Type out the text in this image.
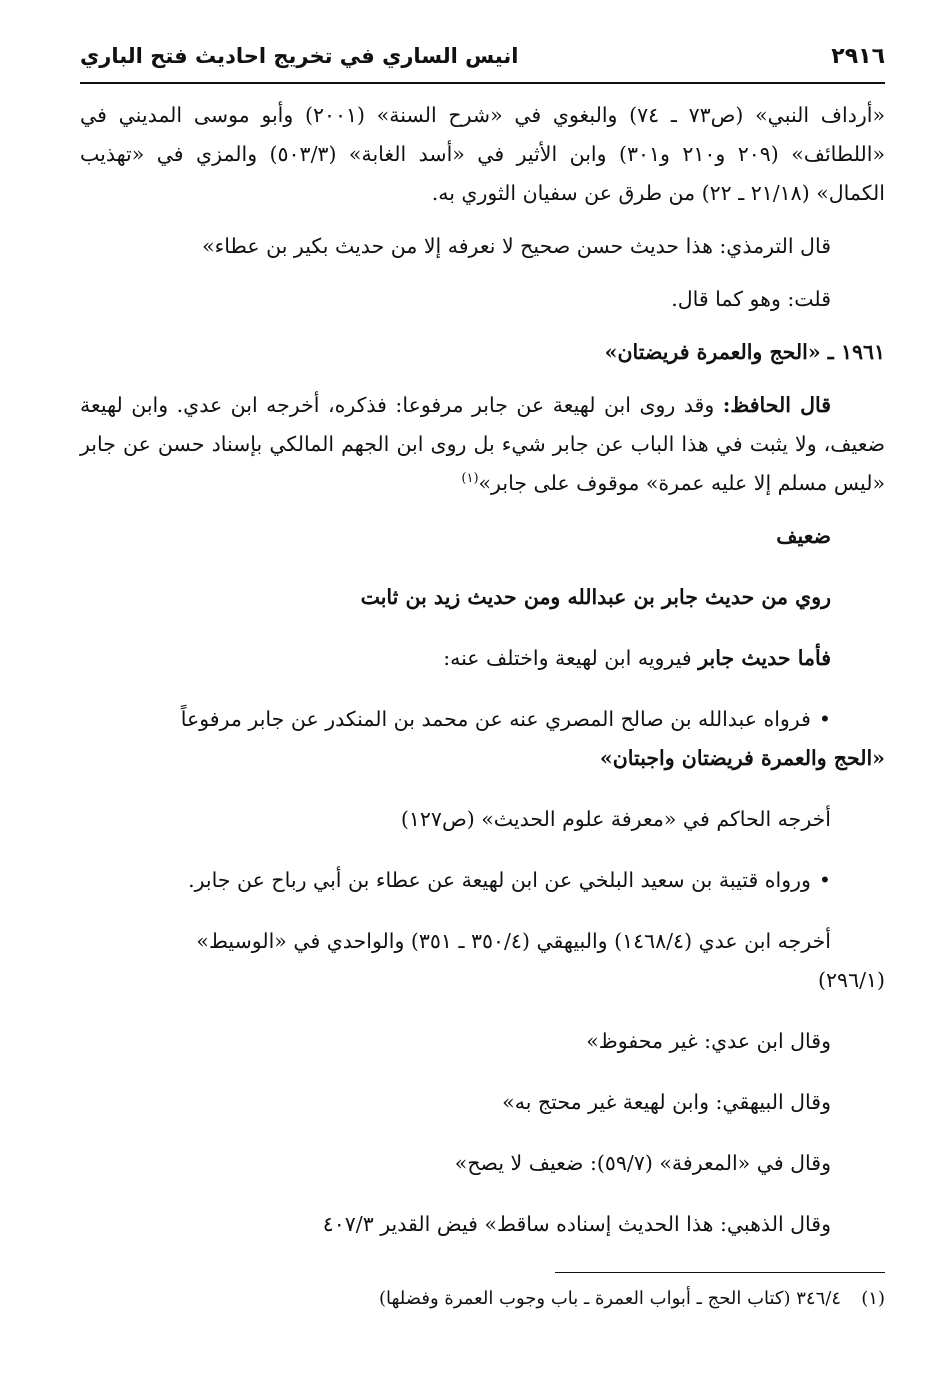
٢٩١٦
انيس الساري في تخريج احاديث فتح الباري

«أرداف النبي» (ص٧٣ ـ ٧٤) والبغوي في «شرح السنة» (٢٠٠١) وأبو موسى المديني في «اللطائف» (٢٠٩ و٢١٠ و٣٠١) وابن الأثير في «أسد الغابة» (٥٠٣/٣) والمزي في «تهذيب الكمال» (٢١/١٨ ـ ٢٢) من طرق عن سفيان الثوري به.

قال الترمذي: هذا حديث حسن صحيح لا نعرفه إلا من حديث بكير بن عطاء»

قلت: وهو كما قال.

١٩٦١ ـ «الحج والعمرة فريضتان»

قال الحافظ: وقد روى ابن لهيعة عن جابر مرفوعا: فذكره، أخرجه ابن عدي. وابن لهيعة ضعيف، ولا يثبت في هذا الباب عن جابر شيء بل روى ابن الجهم المالكي بإسناد حسن عن جابر «ليس مسلم إلا عليه عمرة» موقوف على جابر»$^{(١)}$

ضعيف

روي من حديث جابر بن عبدالله ومن حديث زيد بن ثابت

فأما حديث جابر فيرويه ابن لهيعة واختلف عنه:

•فرواه عبدالله بن صالح المصري عنه عن محمد بن المنكدر عن جابر مرفوعاً
«الحج والعمرة فريضتان واجبتان»

أخرجه الحاكم في «معرفة علوم الحديث» (ص١٢٧)

•ورواه قتيبة بن سعيد البلخي عن ابن لهيعة عن عطاء بن أبي رباح عن جابر.

أخرجه ابن عدي (١٤٦٨/٤) والبيهقي (٣٥٠/٤ ـ ٣٥١) والواحدي في «الوسيط»
(٢٩٦/١)

وقال ابن عدي: غير محفوظ»

وقال البيهقي: وابن لهيعة غير محتج به»

وقال في «المعرفة» (٥٩/٧): ضعيف لا يصح»

وقال الذهبي: هذا الحديث إسناده ساقط» فيض القدير ٤٠٧/٣

(١)٣٤٦/٤ (كتاب الحج ـ أبواب العمرة ـ باب وجوب العمرة وفضلها)
